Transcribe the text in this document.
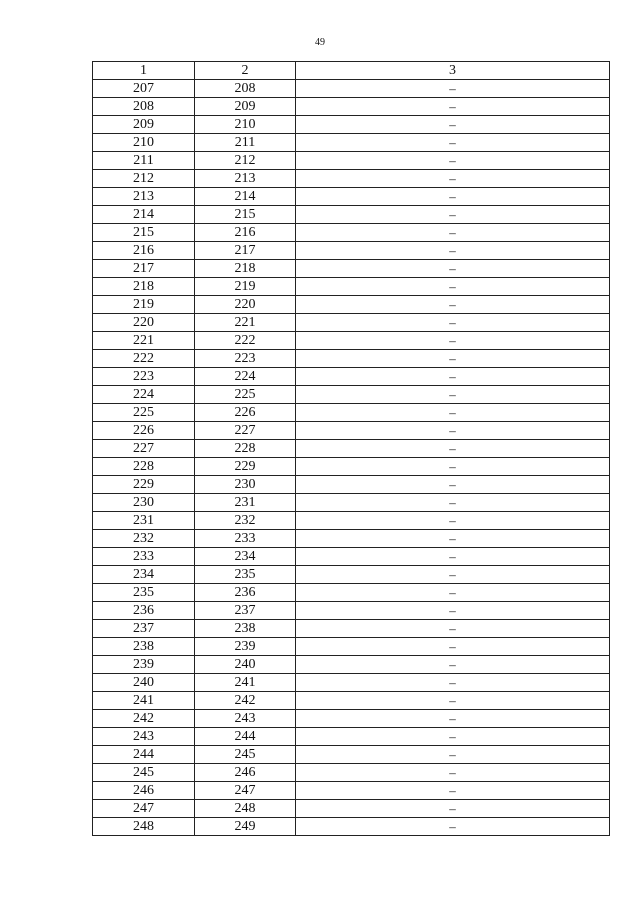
49
1	2	3
207	208	–
208	209	–
209	210	–
210	211	–
211	212	–
212	213	–
213	214	–
214	215	–
215	216	–
216	217	–
217	218	–
218	219	–
219	220	–
220	221	–
221	222	–
222	223	–
223	224	–
224	225	–
225	226	–
226	227	–
227	228	–
228	229	–
229	230	–
230	231	–
231	232	–
232	233	–
233	234	–
234	235	–
235	236	–
236	237	–
237	238	–
238	239	–
239	240	–
240	241	–
241	242	–
242	243	–
243	244	–
244	245	–
245	246	–
246	247	–
247	248	–
248	249	–
